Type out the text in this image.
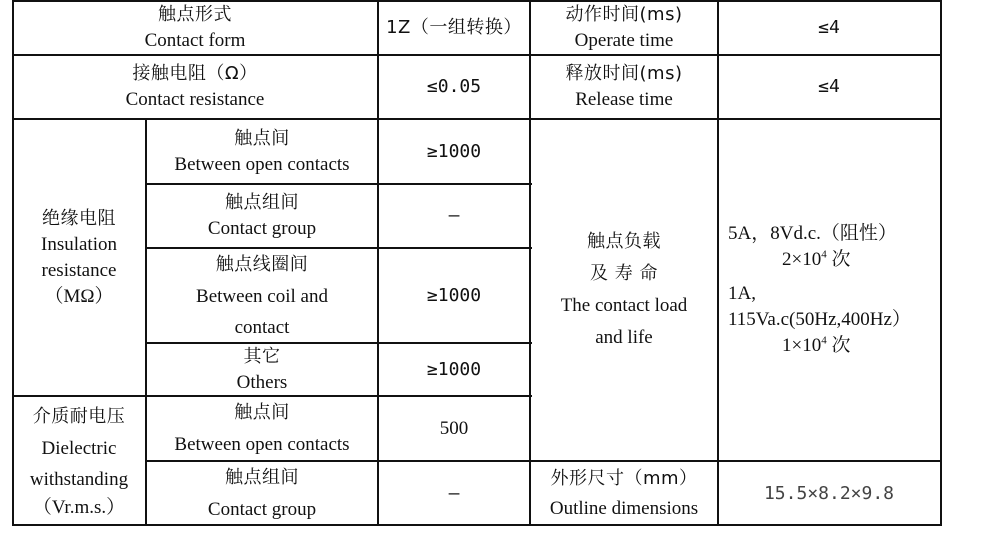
触点形式
Contact form
1Z（一组转换）
动作时间(ms)
Operate time
≤4
接触电阻（Ω）
Contact resistance
≤0.05
释放时间(ms)
Release time
≤4
绝缘电阻
Insulation
resistance
（MΩ）
触点间
Between open contacts
≥1000
触点组间
Contact group
—
触点线圈间
Between coil and
contact
≥1000
其它
Others
≥1000
介质耐电压
Dielectric
withstanding
（Vr.m.s.）
触点间
Between open contacts
500
触点组间
Contact group
—
触点负载
及 寿 命
The contact load
and life
5A，8Vd.c.（阻性）
$2\times 10^4$ 次
1A,
115Va.c(50Hz,400Hz）
$1\times 10^4$ 次
外形尺寸（mm）
Outline dimensions
15.5×8.2×9.8
